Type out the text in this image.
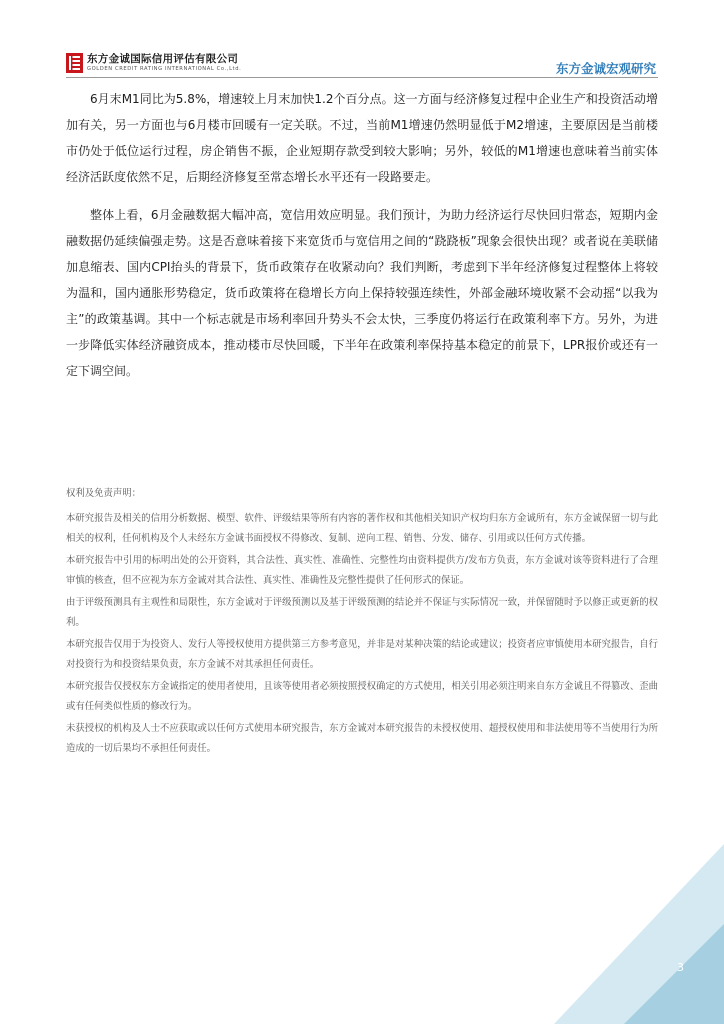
东方金诚国际信用评估有限公司
GOLDEN CREDIT RATING INTERNATIONAL Co.,Ltd.	东方金诚宏观研究

6月末M1同比为5.8%，增速较上月末加快1.2个百分点。这一方面与经济修复过程中企业生产和投资活动增加有关，另一方面也与6月楼市回暖有一定关联。不过，当前M1增速仍然明显低于M2增速，主要原因是当前楼市仍处于低位运行过程，房企销售不振，企业短期存款受到较大影响；另外，较低的M1增速也意味着当前实体经济活跃度依然不足，后期经济修复至常态增长水平还有一段路要走。

整体上看，6月金融数据大幅冲高，宽信用效应明显。我们预计，为助力经济运行尽快回归常态，短期内金融数据仍延续偏强走势。这是否意味着接下来宽货币与宽信用之间的“跷跷板”现象会很快出现？或者说在美联储加息缩表、国内CPI抬头的背景下，货币政策存在收紧动向？我们判断，考虑到下半年经济修复过程整体上将较为温和，国内通胀形势稳定，货币政策将在稳增长方向上保持较强连续性，外部金融环境收紧不会动摇“以我为主”的政策基调。其中一个标志就是市场利率回升势头不会太快，三季度仍将运行在政策利率下方。另外，为进一步降低实体经济融资成本，推动楼市尽快回暖，下半年在政策利率保持基本稳定的前景下，LPR报价或还有一定下调空间。

权利及免责声明：

本研究报告及相关的信用分析数据、模型、软件、评级结果等所有内容的著作权和其他相关知识产权均归东方金诚所有，东方金诚保留一切与此相关的权利，任何机构及个人未经东方金诚书面授权不得修改、复制、逆向工程、销售、分发、储存、引用或以任何方式传播。

本研究报告中引用的标明出处的公开资料，其合法性、真实性、准确性、完整性均由资料提供方/发布方负责，东方金诚对该等资料进行了合理审慎的核查，但不应视为东方金诚对其合法性、真实性、准确性及完整性提供了任何形式的保证。

由于评级预测具有主观性和局限性，东方金诚对于评级预测以及基于评级预测的结论并不保证与实际情况一致，并保留随时予以修正或更新的权利。

本研究报告仅用于为投资人、发行人等授权使用方提供第三方参考意见，并非是对某种决策的结论或建议；投资者应审慎使用本研究报告，自行对投资行为和投资结果负责，东方金诚不对其承担任何责任。

本研究报告仅授权东方金诚指定的使用者使用，且该等使用者必须按照授权确定的方式使用，相关引用必须注明来自东方金诚且不得篡改、歪曲或有任何类似性质的修改行为。

未获授权的机构及人士不应获取或以任何方式使用本研究报告，东方金诚对本研究报告的未授权使用、超授权使用和非法使用等不当使用行为所造成的一切后果均不承担任何责任。

3
